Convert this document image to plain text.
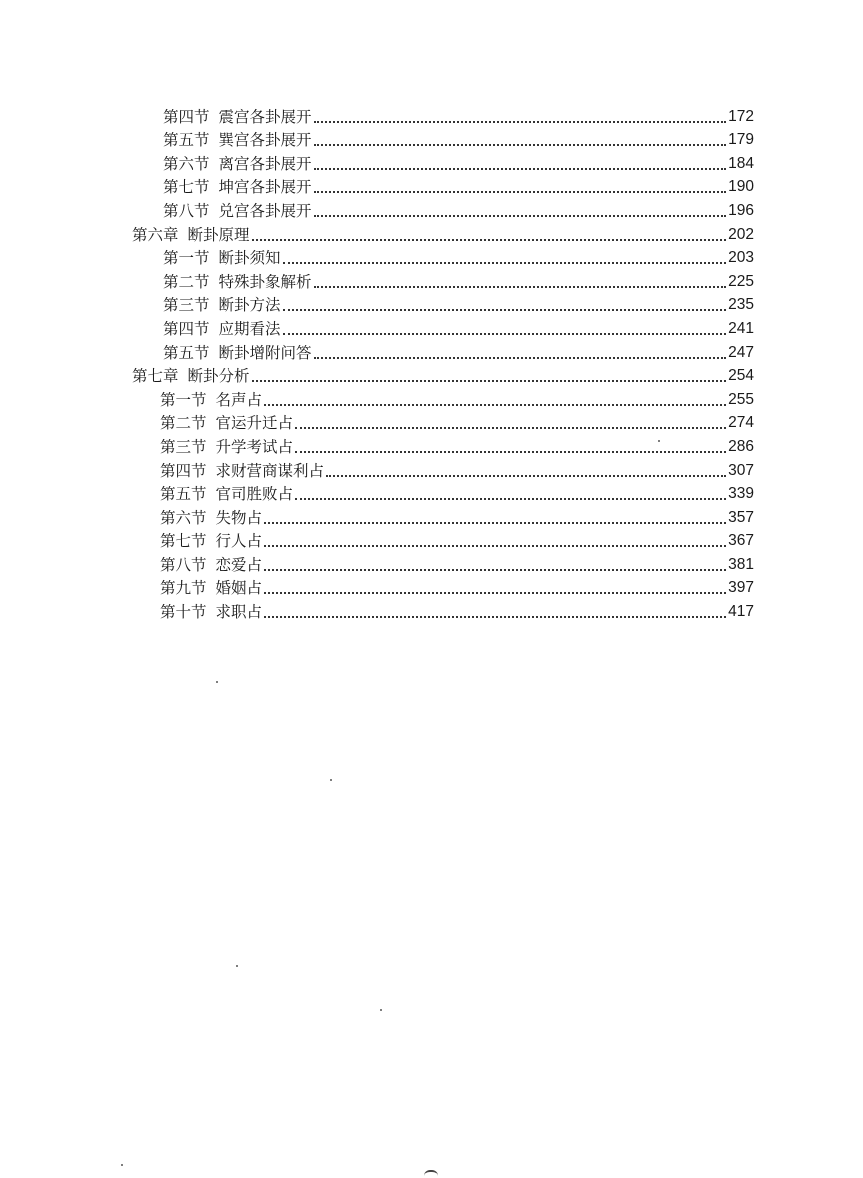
第四节 震宫各卦展开	172
第五节 巽宫各卦展开	179
第六节 离宫各卦展开	184
第七节 坤宫各卦展开	190
第八节 兑宫各卦展开	196
第六章 断卦原理	202
第一节 断卦须知	203
第二节 特殊卦象解析	225
第三节 断卦方法	235
第四节 应期看法	241
第五节 断卦增附问答	247
第七章 断卦分析	254
第一节 名声占	255
第二节 官运升迁占	274
第三节 升学考试占	286
第四节 求财营商谋利占	307
第五节 官司胜败占	339
第六节 失物占	357
第七节 行人占	367
第八节 恋爱占	381
第九节 婚姻占	397
第十节 求职占	417
